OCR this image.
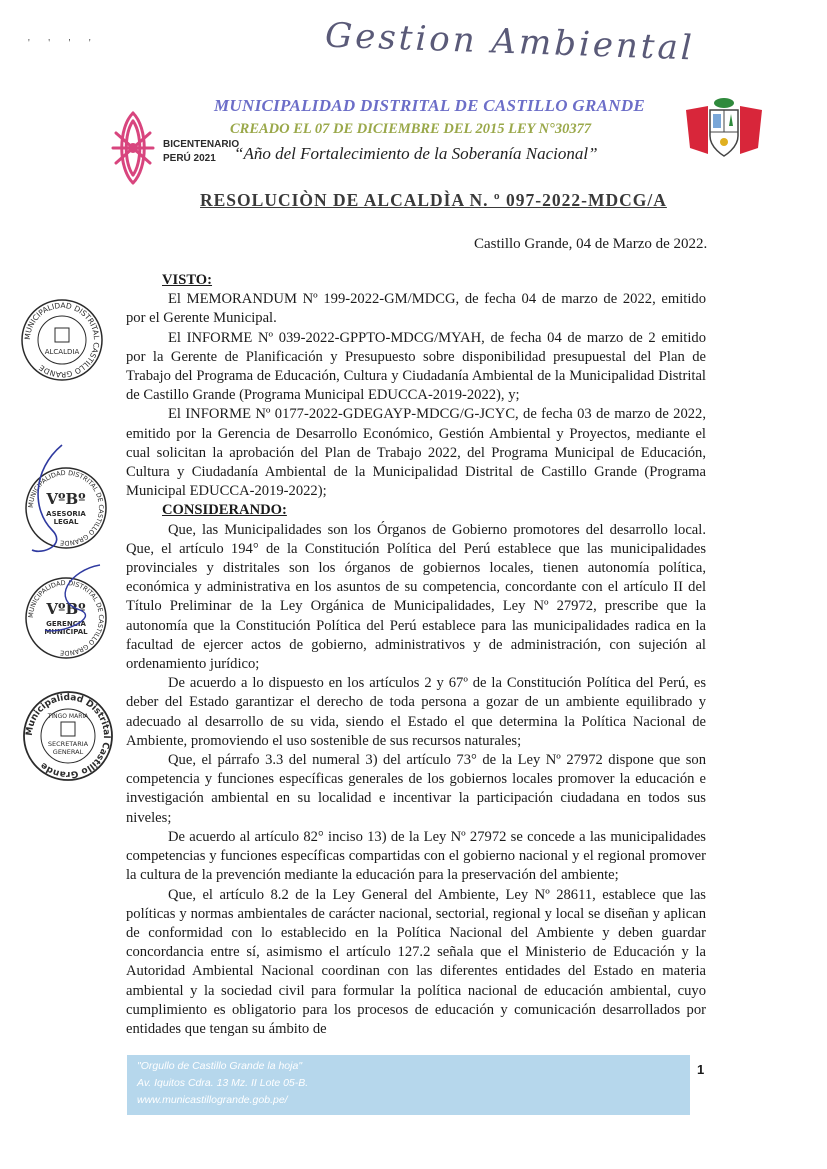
' ' ' '	Gestion Ambiental
BICENTENARIO
PERÚ 2021
MUNICIPALIDAD DISTRITAL DE CASTILLO GRANDE
CREADO EL 07 DE DICIEMBRE DEL 2015 LEY N°30377
“Año del Fortalecimiento de la Soberanía Nacional”
RESOLUCIÒN DE ALCALDÌA N. º 097-2022-MDCG/A
Castillo Grande, 04 de Marzo de 2022.

VISTO:

El MEMORANDUM Nº 199-2022-GM/MDCG, de fecha 04 de marzo de 2022, emitido por el Gerente Municipal.

El INFORME Nº 039-2022-GPPTO-MDCG/MYAH, de fecha 04 de marzo de 2 emitido por la Gerente de Planificación y Presupuesto sobre disponibilidad presupuestal del Plan de Trabajo del Programa de Educación, Cultura y Ciudadanía Ambiental de la Municipalidad Distrital de Castillo Grande (Programa Municipal EDUCCA-2019-2022), y;

El INFORME Nº 0177-2022-GDEGAYP-MDCG/G-JCYC, de fecha 03 de marzo de 2022, emitido por la Gerencia de Desarrollo Económico, Gestión Ambiental y Proyectos, mediante el cual solicitan la aprobación del Plan de Trabajo 2022, del Programa Municipal de Educación, Cultura y Ciudadanía Ambiental de la Municipalidad Distrital de Castillo Grande (Programa Municipal EDUCCA-2019-2022);

CONSIDERANDO:

Que, las Municipalidades son los Órganos de Gobierno promotores del desarrollo local. Que, el artículo 194° de la Constitución Política del Perú establece que las municipalidades provinciales y distritales son los órganos de gobiernos locales, tienen autonomía política, económica y administrativa en los asuntos de su competencia, concordante con el artículo II del Título Preliminar de la Ley Orgánica de Municipalidades, Ley Nº 27972, prescribe que la autonomía que la Constitución Política del Perú establece para las municipalidades radica en la facultad de ejercer actos de gobierno, administrativos y de administración, con sujeción al ordenamiento jurídico;

De acuerdo a lo dispuesto en los artículos 2 y 67º de la Constitución Política del Perú, es deber del Estado garantizar el derecho de toda persona a gozar de un ambiente equilibrado y adecuado al desarrollo de su vida, siendo el Estado el que determina la Política Nacional de Ambiente, promoviendo el uso sostenible de sus recursos naturales;

Que, el párrafo 3.3 del numeral 3) del artículo 73° de la Ley Nº 27972 dispone que son competencia y funciones específicas generales de los gobiernos locales promover la educación e investigación ambiental en su localidad e incentivar la participación ciudadana en todos sus niveles;

De acuerdo al artículo 82° inciso 13) de la Ley Nº 27972 se concede a las municipalidades competencias y funciones específicas compartidas con el gobierno nacional y el regional promover la cultura de la prevención mediante la educación para la preservación del ambiente;

Que, el artículo 8.2 de la Ley General del Ambiente, Ley Nº 28611, establece que las políticas y normas ambientales de carácter nacional, sectorial, regional y local se diseñan y aplican de conformidad con lo establecido en la Política Nacional del Ambiente y deben guardar concordancia entre sí, asimismo el artículo 127.2 señala que el Ministerio de Educación y la Autoridad Ambiental Nacional coordinan con las diferentes entidades del Estado en materia ambiental y la sociedad civil para formular la política nacional de educación ambiental, cuyo cumplimiento es obligatorio para los procesos de educación y comunicación desarrollados por entidades que tengan su ámbito de

MUNICIPALIDAD DISTRITAL CASTILLO GRANDE
ALCALDIA
MUNICIPALIDAD DISTRITAL DE CASTILLO GRANDE
VºBº
ASESORIA
LEGAL
MUNICIPALIDAD DISTRITAL DE CASTILLO GRANDE
VºBº
GERENCIA
MUNICIPAL
Municipalidad Distrital Castillo Grande
TINGO MARIA
SECRETARIA
GENERAL
"Orgullo de Castillo Grande la hoja"
Av. Iquitos Cdra. 13 Mz. II Lote 05-B.
www.municastillogrande.gob.pe/
1
